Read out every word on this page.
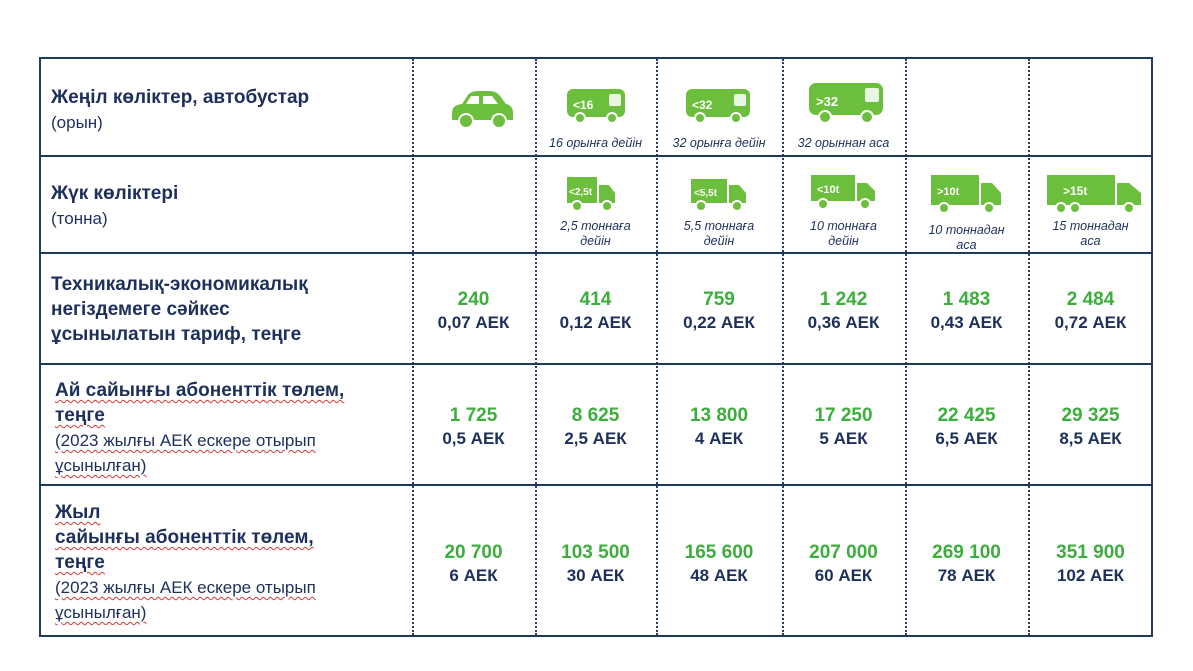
Жеңіл көліктер, автобустар
(орын)
<16
16 орынға дейін
<32
32 орынға дейін
>32
32 орыннан аса
Жүк көліктері
(тонна)
<2,5t
2,5 тоннаға
дейін
<5,5t
5,5 тоннаға
дейін
<10t
10 тоннаға
дейін
>10t
10 тоннадан
аса
>15t
15 тоннадан
аса
Техникалық-экономикалық
негіздемеге сәйкес
ұсынылатын тариф, теңге
240
0,07 АЕК
414
0,12 АЕК
759
0,22 АЕК
1 242
0,36 АЕК
1 483
0,43 АЕК
2 484
0,72 АЕК
Ай сайынғы абоненттік төлем,
теңге
(2023 жылғы АЕК ескере отырып
ұсынылған)
1 725
0,5 АЕК
8 625
2,5 АЕК
13 800
4 АЕК
17 250
5 АЕК
22 425
6,5 АЕК
29 325
8,5 АЕК
Жыл
сайынғы абоненттік төлем,
теңге
(2023 жылғы АЕК ескере отырып
ұсынылған)
20 700
6 АЕК
103 500
30 АЕК
165 600
48 АЕК
207 000
60 АЕК
269 100
78 АЕК
351 900
102 АЕК
